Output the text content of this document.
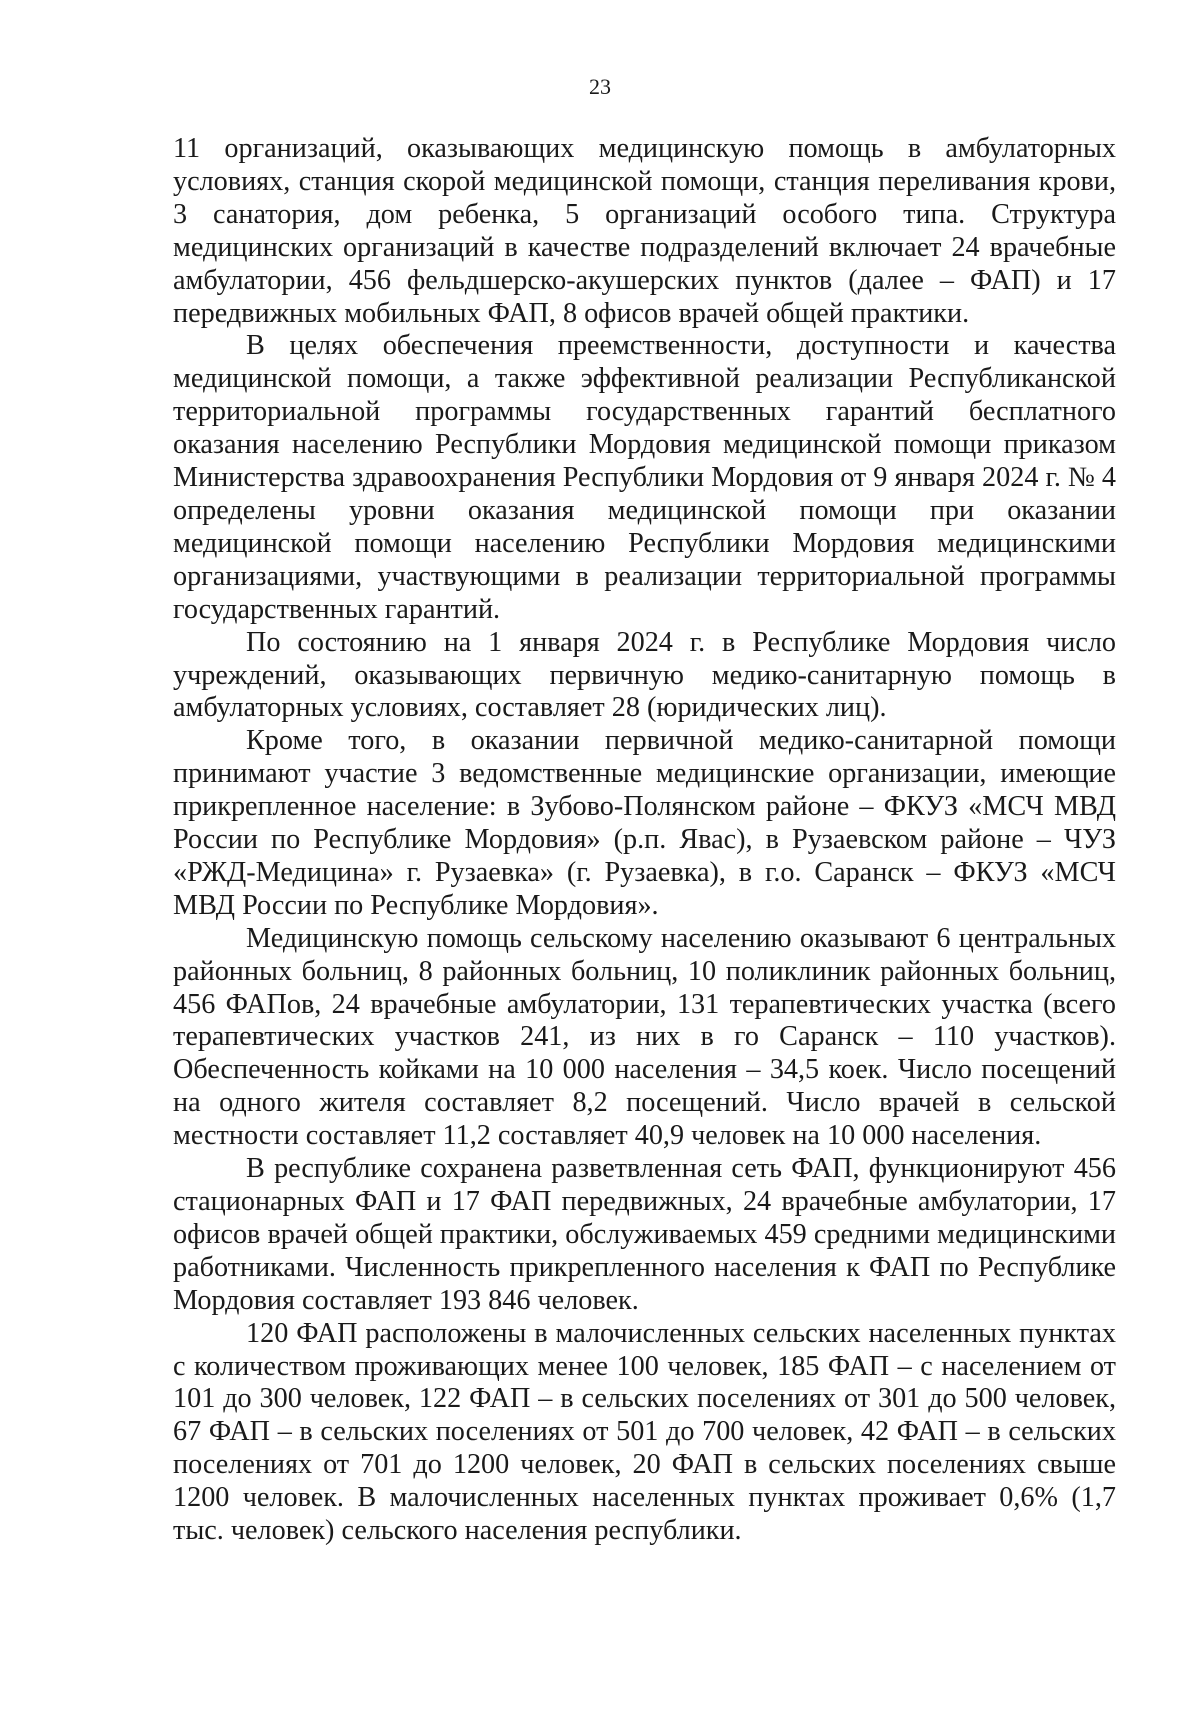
23

11 организаций, оказывающих медицинскую помощь в амбулаторных условиях, станция скорой медицинской помощи, станция переливания крови, 3 санатория, дом ребенка, 5 организаций особого типа. Структура медицинских организаций в качестве подразделений включает 24 врачебные амбулатории, 456 фельдшерско-акушерских пунктов (далее – ФАП) и 17 передвижных мобильных ФАП, 8 офисов врачей общей практики.

В целях обеспечения преемственности, доступности и качества медицинской помощи, а также эффективной реализации Республиканской территориальной программы государственных гарантий бесплатного оказания населению Республики Мордовия медицинской помощи приказом Министерства здравоохранения Республики Мордовия от 9 января 2024 г. № 4 определены уровни оказания медицинской помощи при оказании медицинской помощи населению Республики Мордовия медицинскими организациями, участвующими в реализации территориальной программы государственных гарантий.

По состоянию на 1 января 2024 г. в Республике Мордовия число учреждений, оказывающих первичную медико-санитарную помощь в амбулаторных условиях, составляет 28 (юридических лиц).

Кроме того, в оказании первичной медико-санитарной помощи принимают участие 3 ведомственные медицинские организации, имеющие прикрепленное население: в Зубово-Полянском районе – ФКУЗ «МСЧ МВД России по Республике Мордовия» (р.п. Явас), в Рузаевском районе – ЧУЗ «РЖД-Медицина» г. Рузаевка» (г. Рузаевка), в г.о. Саранск – ФКУЗ «МСЧ МВД России по Республике Мордовия».

Медицинскую помощь сельскому населению оказывают 6 центральных районных больниц, 8 районных больниц, 10 поликлиник районных больниц, 456 ФАПов, 24 врачебные амбулатории, 131 терапевтических участка (всего терапевтических участков 241, из них в го Саранск – 110 участков). Обеспеченность койками на 10 000 населения – 34,5 коек. Число посещений на одного жителя составляет 8,2 посещений. Число врачей в сельской местности составляет 11,2 составляет 40,9 человек на 10 000 населения.

В республике сохранена разветвленная сеть ФАП, функционируют 456 стационарных ФАП и 17 ФАП передвижных, 24 врачебные амбулатории, 17 офисов врачей общей практики, обслуживаемых 459 средними медицинскими работниками. Численность прикрепленного населения к ФАП по Республике Мордовия составляет 193 846 человек.

120 ФАП расположены в малочисленных сельских населенных пунктах с количеством проживающих менее 100 человек, 185 ФАП – с населением от 101 до 300 человек, 122 ФАП – в сельских поселениях от 301 до 500 человек, 67 ФАП – в сельских поселениях от 501 до 700 человек, 42 ФАП – в сельских поселениях от 701 до 1200 человек, 20 ФАП в сельских поселениях свыше 1200 человек. В малочисленных населенных пунктах проживает 0,6% (1,7 тыс. человек) сельского населения республики.
